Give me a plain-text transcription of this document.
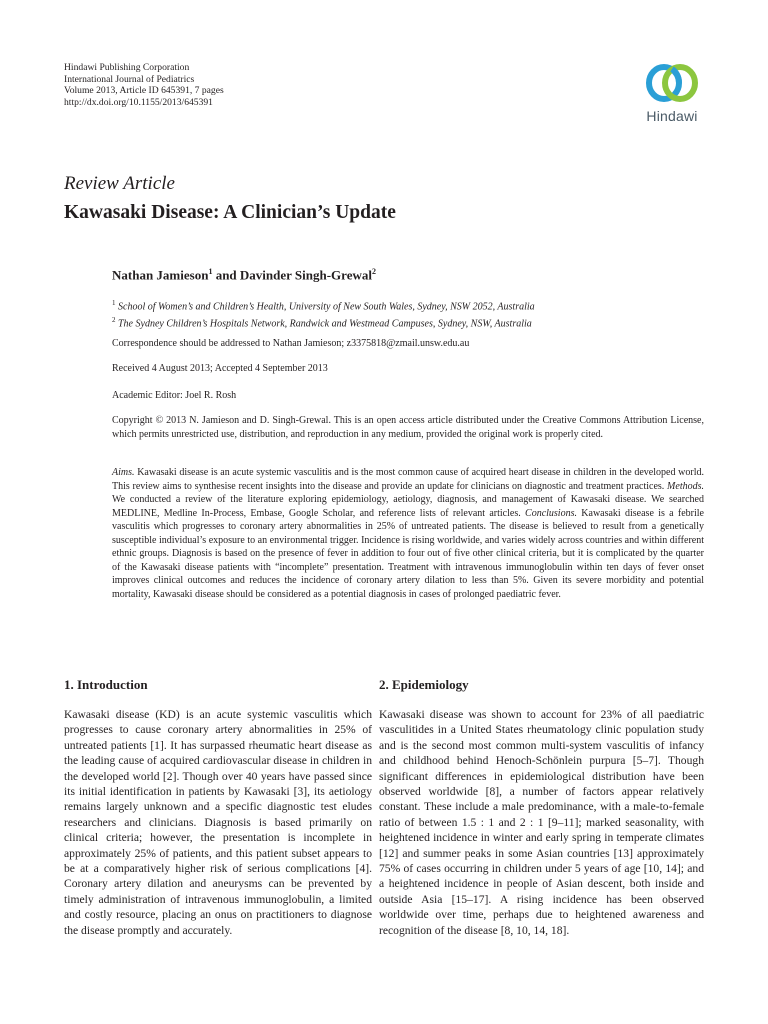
Hindawi Publishing Corporation
International Journal of Pediatrics
Volume 2013, Article ID 645391, 7 pages
http://dx.doi.org/10.1155/2013/645391
Hindawi
Review Article
Kawasaki Disease: A Clinician’s Update
Nathan Jamieson$^1$ and Davinder Singh-Grewal$^2$
$^1$ School of Women’s and Children’s Health, University of New South Wales, Sydney, NSW 2052, Australia
$^2$ The Sydney Children’s Hospitals Network, Randwick and Westmead Campuses, Sydney, NSW, Australia
Correspondence should be addressed to Nathan Jamieson; z3375818@zmail.unsw.edu.au
Received 4 August 2013; Accepted 4 September 2013
Academic Editor: Joel R. Rosh
Copyright © 2013 N. Jamieson and D. Singh-Grewal. This is an open access article distributed under the Creative Commons Attribution License, which permits unrestricted use, distribution, and reproduction in any medium, provided the original work is properly cited.
Aims. Kawasaki disease is an acute systemic vasculitis and is the most common cause of acquired heart disease in children in the developed world. This review aims to synthesise recent insights into the disease and provide an update for clinicians on diagnostic and treatment practices. Methods. We conducted a review of the literature exploring epidemiology, aetiology, diagnosis, and management of Kawasaki disease. We searched MEDLINE, Medline In-Process, Embase, Google Scholar, and reference lists of relevant articles. Conclusions. Kawasaki disease is a febrile vasculitis which progresses to coronary artery abnormalities in 25% of untreated patients. The disease is believed to result from a genetically susceptible individual’s exposure to an environmental trigger. Incidence is rising worldwide, and varies widely across countries and within different ethnic groups. Diagnosis is based on the presence of fever in addition to four out of five other clinical criteria, but it is complicated by the quarter of the Kawasaki disease patients with “incomplete” presentation. Treatment with intravenous immunoglobulin within ten days of fever onset improves clinical outcomes and reduces the incidence of coronary artery dilation to less than 5%. Given its severe morbidity and potential mortality, Kawasaki disease should be considered as a potential diagnosis in cases of prolonged paediatric fever.
1. Introduction
Kawasaki disease (KD) is an acute systemic vasculitis which progresses to cause coronary artery abnormalities in 25% of untreated patients [1]. It has surpassed rheumatic heart disease as the leading cause of acquired cardiovascular disease in children in the developed world [2]. Though over 40 years have passed since its initial identification in patients by Kawasaki [3], its aetiology remains largely unknown and a specific diagnostic test eludes researchers and clinicians. Diagnosis is based primarily on clinical criteria; however, the presentation is incomplete in approximately 25% of patients, and this patient subset appears to be at a comparatively higher risk of serious complications [4]. Coronary artery dilation and aneurysms can be prevented by timely administration of intravenous immunoglobulin, a limited and costly resource, placing an onus on practitioners to diagnose the disease promptly and accurately.
2. Epidemiology
Kawasaki disease was shown to account for 23% of all paediatric vasculitides in a United States rheumatology clinic population study and is the second most common multi-system vasculitis of infancy and childhood behind Henoch-Schönlein purpura [5–7]. Though significant differences in epidemiological distribution have been observed worldwide [8], a number of factors appear relatively constant. These include a male predominance, with a male-to-female ratio of between 1.5 : 1 and 2 : 1 [9–11]; marked seasonality, with heightened incidence in winter and early spring in temperate climates [12] and summer peaks in some Asian countries [13] approximately 75% of cases occurring in children under 5 years of age [10, 14]; and a heightened incidence in people of Asian descent, both inside and outside Asia [15–17]. A rising incidence has been observed worldwide over time, perhaps due to heightened awareness and recognition of the disease [8, 10, 14, 18].
